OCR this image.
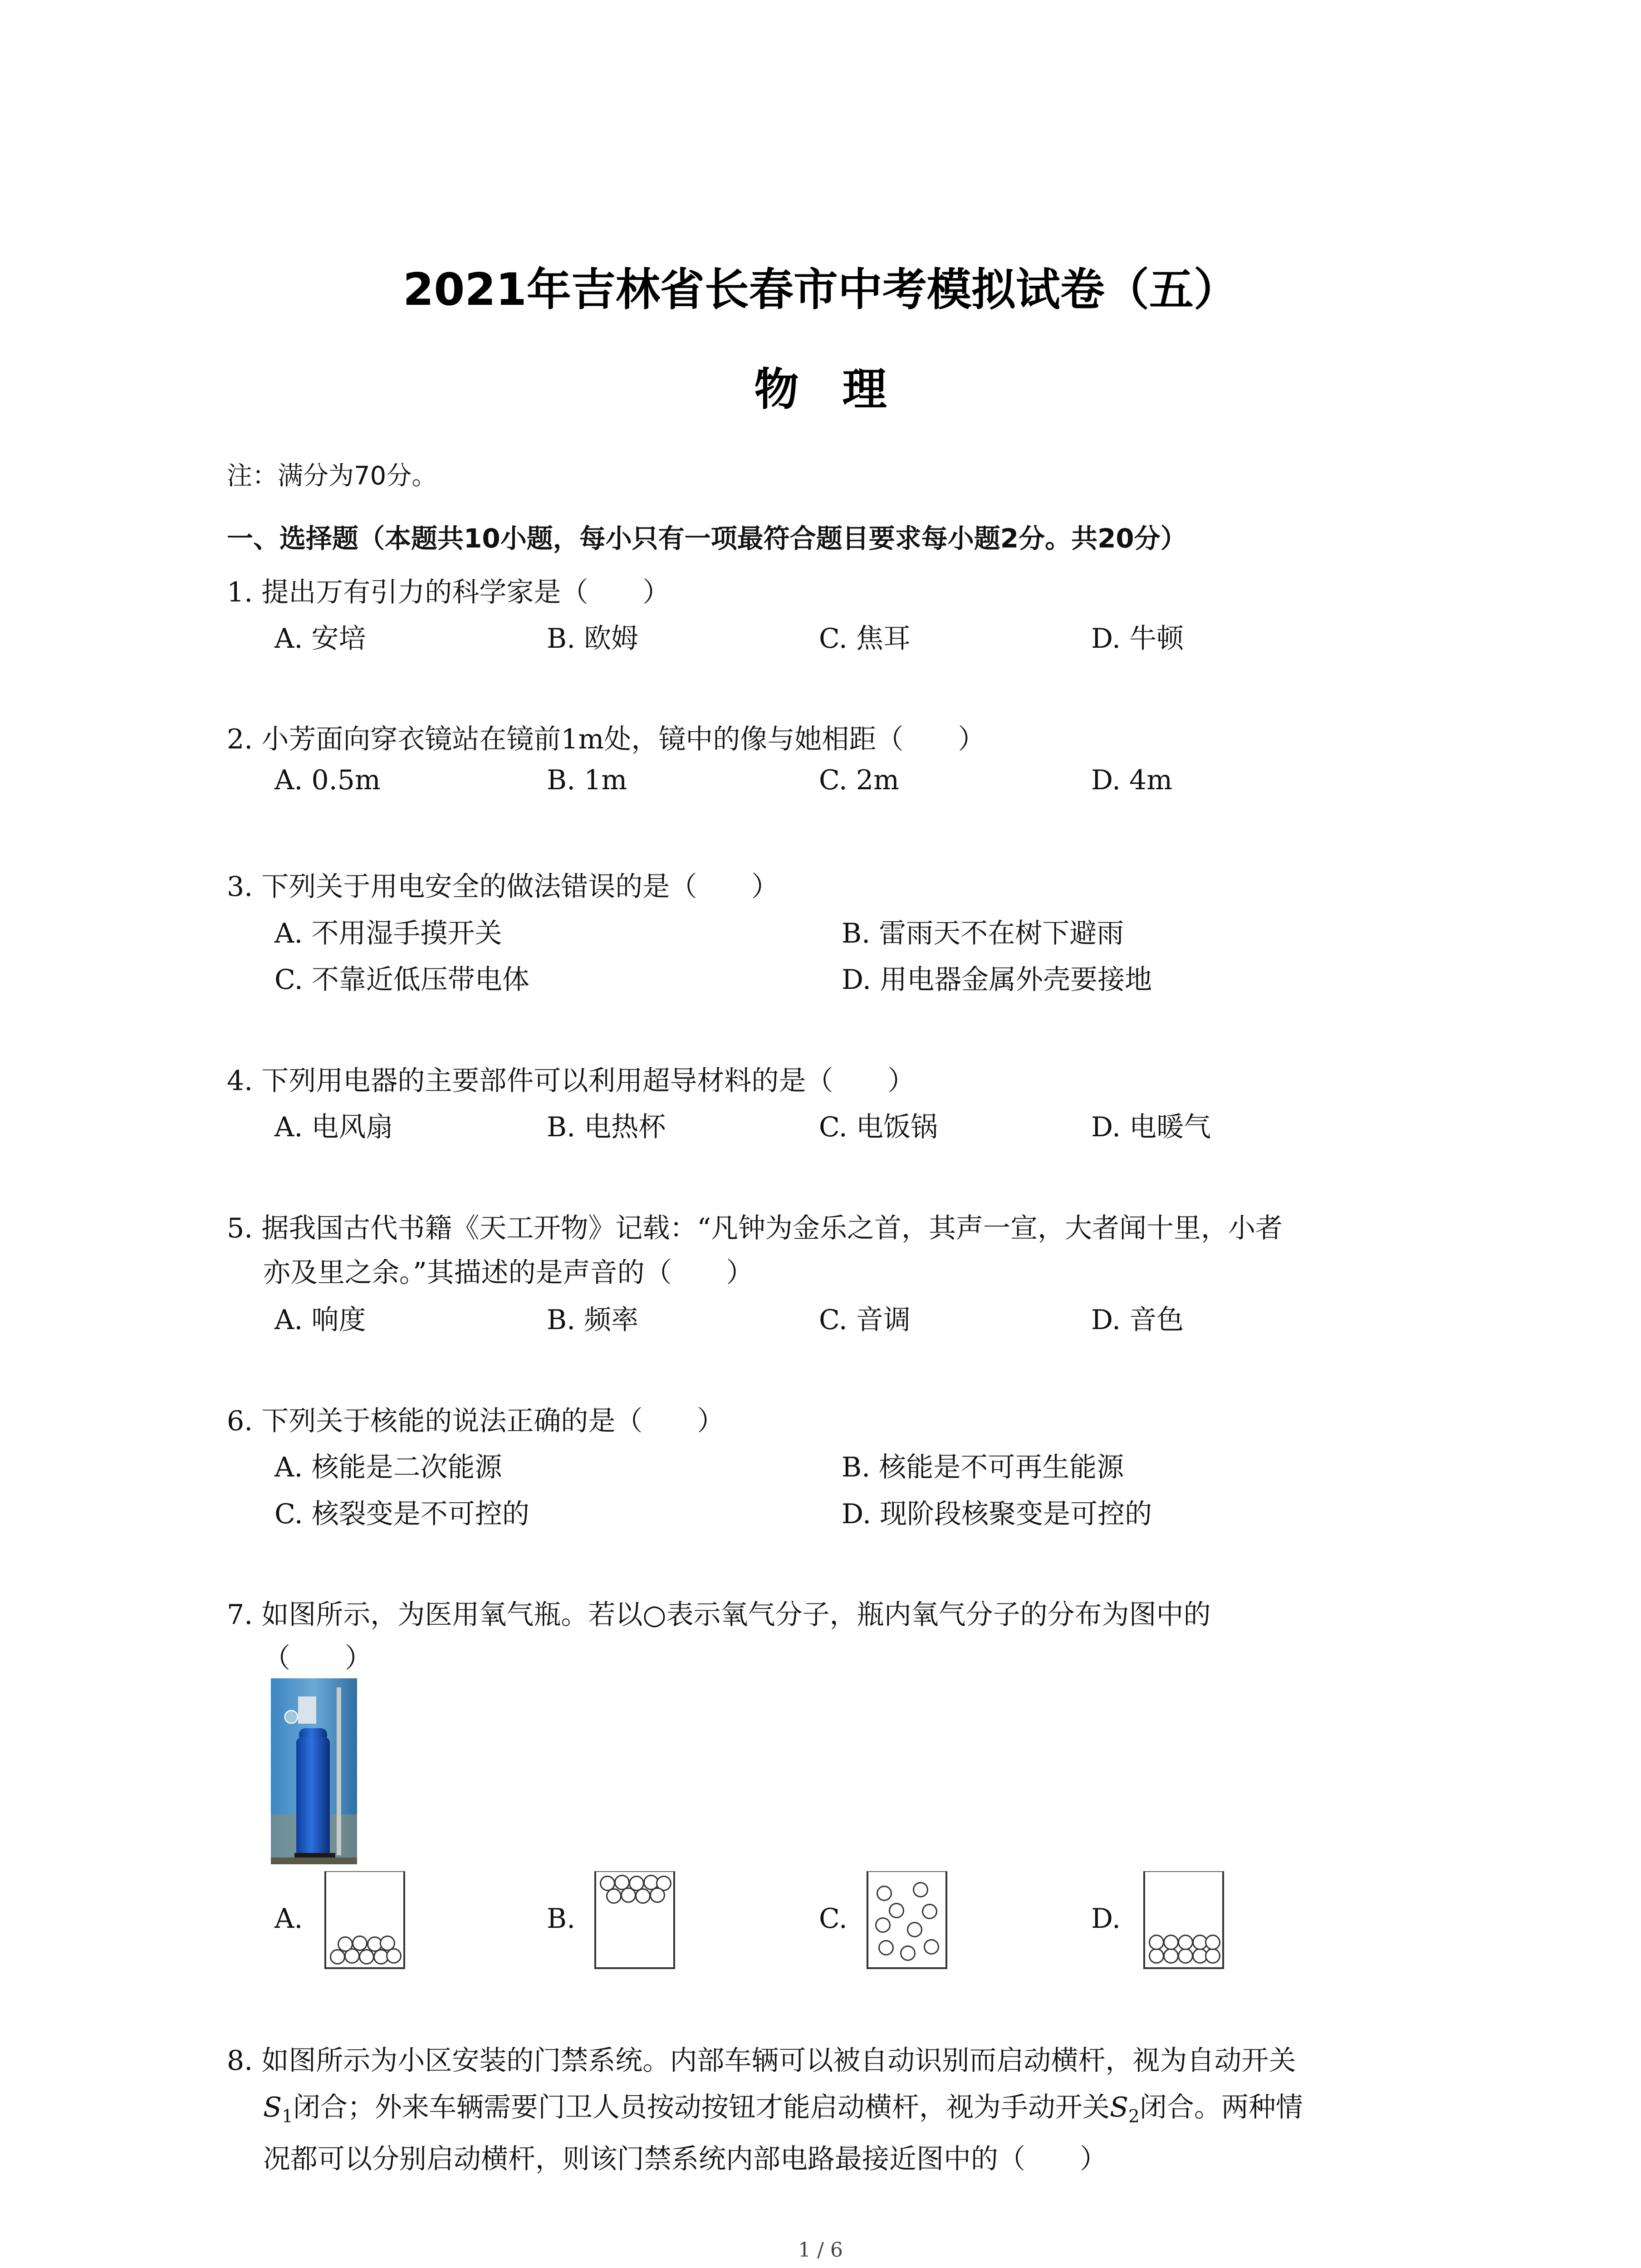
2021年吉林省长春市中考模拟试卷（五）
物理
注：满分为70分。
一、选择题（本题共10小题，每小只有一项最符合题目要求每小题2分。共20分）
1. 提出万有引力的科学家是（　　）
A. 安培	B. 欧姆	C. 焦耳	D. 牛顿
2. 小芳面向穿衣镜站在镜前1m处，镜中的像与她相距（　　）
A. 0.5m	B. 1m	C. 2m	D. 4m
3. 下列关于用电安全的做法错误的是（　　）
A. 不用湿手摸开关	B. 雷雨天不在树下避雨
C. 不靠近低压带电体	D. 用电器金属外壳要接地
4. 下列用电器的主要部件可以利用超导材料的是（　　）
A. 电风扇	B. 电热杯	C. 电饭锅	D. 电暖气
5. 据我国古代书籍《天工开物》记载：“凡钟为金乐之首，其声一宣，大者闻十里，小者
亦及里之余。”其描述的是声音的（　　）
A. 响度	B. 频率	C. 音调	D. 音色
6. 下列关于核能的说法正确的是（　　）
A. 核能是二次能源	B. 核能是不可再生能源
C. 核裂变是不可控的	D. 现阶段核聚变是可控的
7. 如图所示，为医用氧气瓶。若以○表示氧气分子，瓶内氧气分子的分布为图中的
（　　）
A.	B.	C.	D.
8. 如图所示为小区安装的门禁系统。内部车辆可以被自动识别而启动横杆，视为自动开关
$S_1$闭合；外来车辆需要门卫人员按动按钮才能启动横杆，视为手动开关$S_2$闭合。两种情
况都可以分别启动横杆，则该门禁系统内部电路最接近图中的（　　）
1 / 6
